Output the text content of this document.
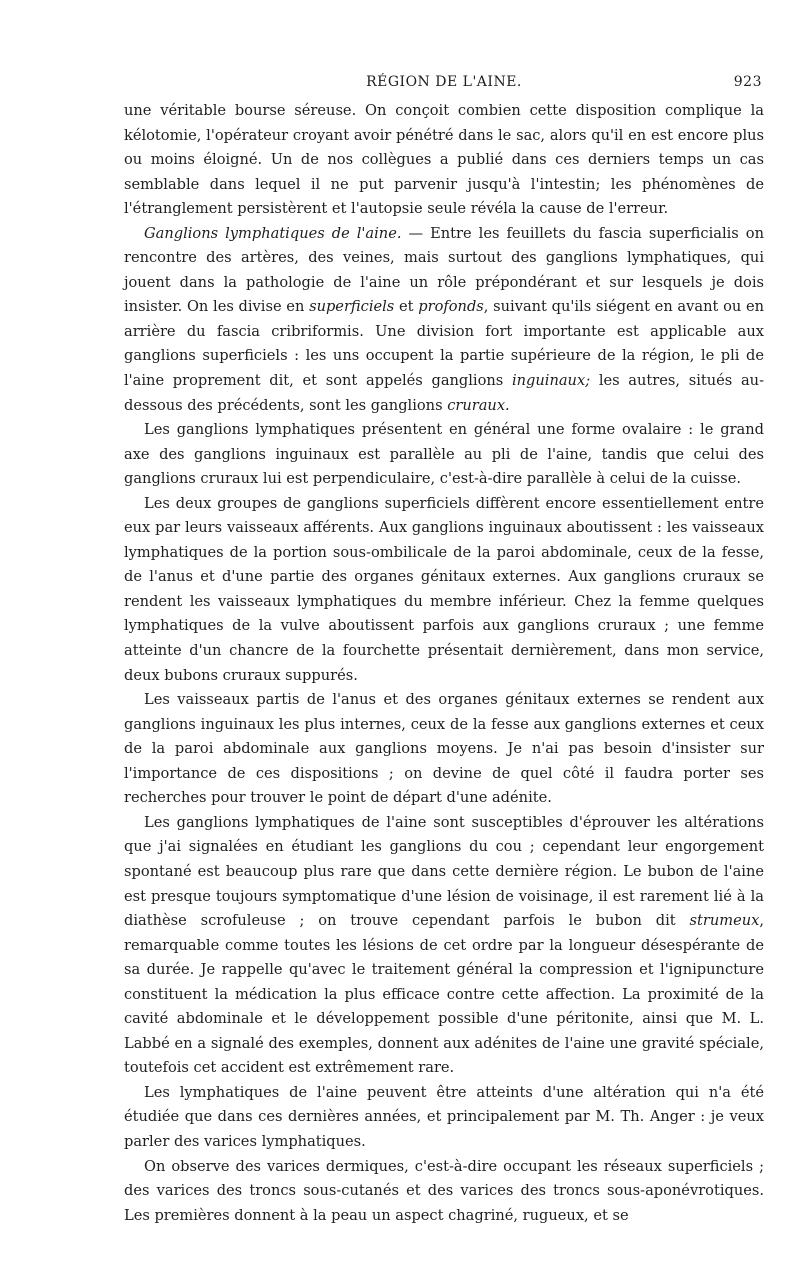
RÉGION DE L'AINE.	923

une véritable bourse séreuse. On conçoit combien cette disposition complique la kélotomie, l'opérateur croyant avoir pénétré dans le sac, alors qu'il en est encore plus ou moins éloigné. Un de nos collègues a publié dans ces derniers temps un cas semblable dans lequel il ne put parvenir jusqu'à l'intestin; les phénomènes de l'étranglement persistèrent et l'autopsie seule révéla la cause de l'erreur.

Ganglions lymphatiques de l'aine. — Entre les feuillets du fascia superficialis on rencontre des artères, des veines, mais surtout des ganglions lymphatiques, qui jouent dans la pathologie de l'aine un rôle prépondérant et sur lesquels je dois insister. On les divise en superficiels et profonds, suivant qu'ils siégent en avant ou en arrière du fascia cribriformis. Une division fort importante est applicable aux ganglions superficiels : les uns occupent la partie supérieure de la région, le pli de l'aine proprement dit, et sont appelés ganglions inguinaux; les autres, situés au-dessous des précédents, sont les ganglions cruraux.

Les ganglions lymphatiques présentent en général une forme ovalaire : le grand axe des ganglions inguinaux est parallèle au pli de l'aine, tandis que celui des ganglions cruraux lui est perpendiculaire, c'est-à-dire parallèle à celui de la cuisse.

Les deux groupes de ganglions superficiels diffèrent encore essentiellement entre eux par leurs vaisseaux afférents. Aux ganglions inguinaux aboutissent : les vaisseaux lymphatiques de la portion sous-ombilicale de la paroi abdominale, ceux de la fesse, de l'anus et d'une partie des organes génitaux externes. Aux ganglions cruraux se rendent les vaisseaux lymphatiques du membre inférieur. Chez la femme quelques lymphatiques de la vulve aboutissent parfois aux ganglions cruraux ; une femme atteinte d'un chancre de la fourchette présentait dernièrement, dans mon service, deux bubons cruraux suppurés.

Les vaisseaux partis de l'anus et des organes génitaux externes se rendent aux ganglions inguinaux les plus internes, ceux de la fesse aux ganglions externes et ceux de la paroi abdominale aux ganglions moyens. Je n'ai pas besoin d'insister sur l'importance de ces dispositions ; on devine de quel côté il faudra porter ses recherches pour trouver le point de départ d'une adénite.

Les ganglions lymphatiques de l'aine sont susceptibles d'éprouver les altérations que j'ai signalées en étudiant les ganglions du cou ; cependant leur engorgement spontané est beaucoup plus rare que dans cette dernière région. Le bubon de l'aine est presque toujours symptomatique d'une lésion de voisinage, il est rarement lié à la diathèse scrofuleuse ; on trouve cependant parfois le bubon dit strumeux, remarquable comme toutes les lésions de cet ordre par la longueur désespérante de sa durée. Je rappelle qu'avec le traitement général la compression et l'ignipuncture constituent la médication la plus efficace contre cette affection. La proximité de la cavité abdominale et le développement possible d'une péritonite, ainsi que M. L. Labbé en a signalé des exemples, donnent aux adénites de l'aine une gravité spéciale, toutefois cet accident est extrêmement rare.

Les lymphatiques de l'aine peuvent être atteints d'une altération qui n'a été étudiée que dans ces dernières années, et principalement par M. Th. Anger : je veux parler des varices lymphatiques.

On observe des varices dermiques, c'est-à-dire occupant les réseaux superficiels ; des varices des troncs sous-cutanés et des varices des troncs sous-aponévrotiques. Les premières donnent à la peau un aspect chagriné, rugueux, et se
